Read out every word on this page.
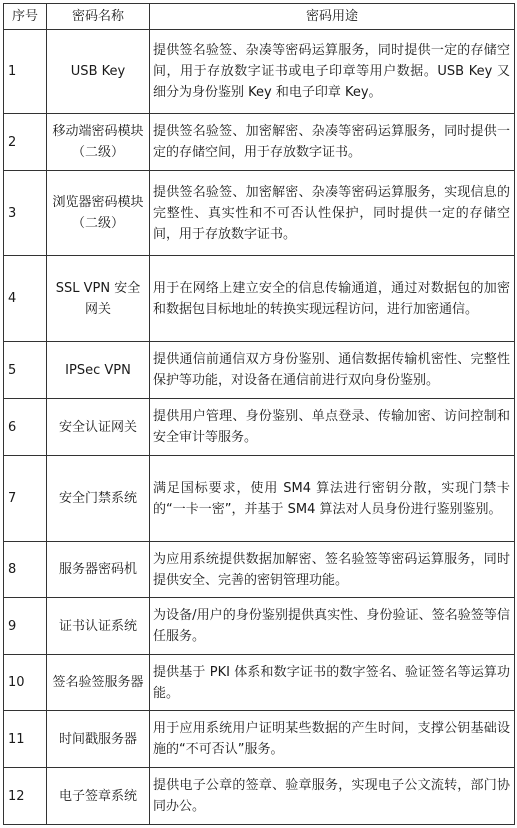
序号	密码名称	密码用途
1	USB Key	提供签名验签、杂凑等密码运算服务，同时提供一定的存储空间，用于存放数字证书或电子印章等用户数据。USB Key 又细分为身份鉴别 Key 和电子印章 Key。
2	移动端密码模块（二级）	提供签名验签、加密解密、杂凑等密码运算服务，同时提供一定的存储空间，用于存放数字证书。
3	浏览器密码模块（二级）	提供签名验签、加密解密、杂凑等密码运算服务，实现信息的完整性、真实性和不可否认性保护，同时提供一定的存储空间，用于存放数字证书。
4	SSL VPN 安全网关	用于在网络上建立安全的信息传输通道，通过对数据包的加密和数据包目标地址的转换实现远程访问，进行加密通信。
5	IPSec VPN	提供通信前通信双方身份鉴别、通信数据传输机密性、完整性保护等功能，对设备在通信前进行双向身份鉴别。
6	安全认证网关	提供用户管理、身份鉴别、单点登录、传输加密、访问控制和安全审计等服务。
7	安全门禁系统	满足国标要求，使用 SM4 算法进行密钥分散，实现门禁卡的“一卡一密”，并基于 SM4 算法对人员身份进行鉴别鉴别。
8	服务器密码机	为应用系统提供数据加解密、签名验签等密码运算服务，同时提供安全、完善的密钥管理功能。
9	证书认证系统	为设备/用户的身份鉴别提供真实性、身份验证、签名验签等信任服务。
10	签名验签服务器	提供基于 PKI 体系和数字证书的数字签名、验证签名等运算功能。
11	时间戳服务器	用于应用系统用户证明某些数据的产生时间，支撑公钥基础设施的“不可否认”服务。
12	电子签章系统	提供电子公章的签章、验章服务，实现电子公文流转，部门协同办公。
